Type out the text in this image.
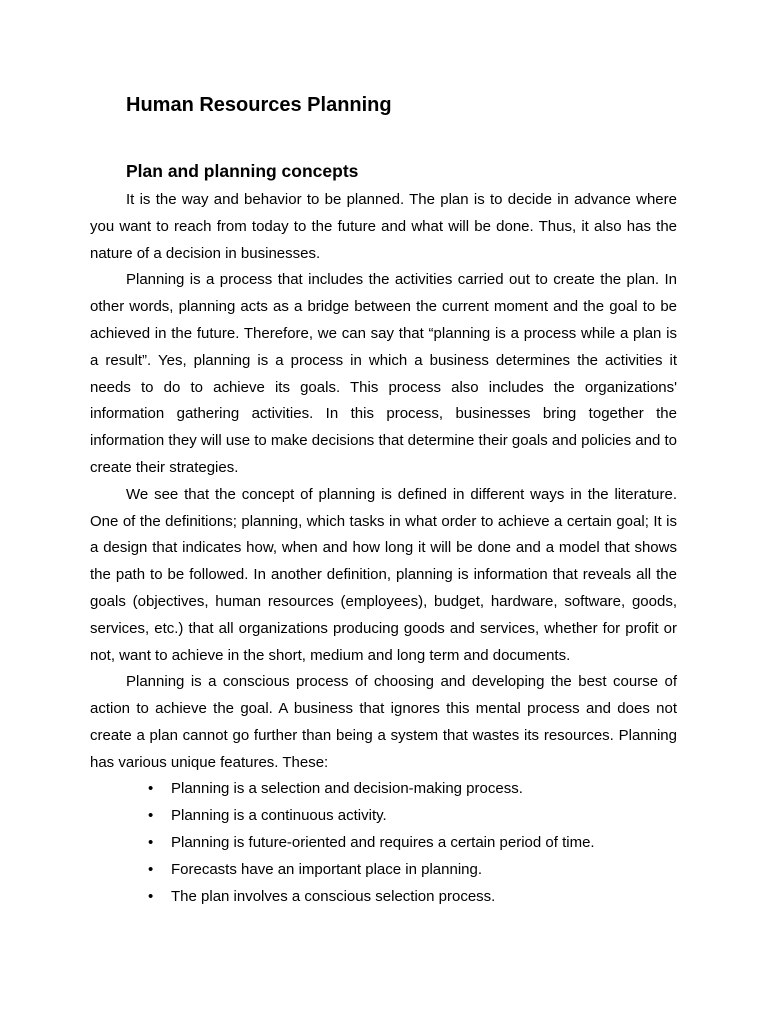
Human Resources Planning
Plan and planning concepts

It is the way and behavior to be planned. The plan is to decide in advance where you want to reach from today to the future and what will be done. Thus, it also has the nature of a decision in businesses.

Planning is a process that includes the activities carried out to create the plan. In other words, planning acts as a bridge between the current moment and the goal to be achieved in the future. Therefore, we can say that “planning is a process while a plan is a result”. Yes, planning is a process in which a business determines the activities it needs to do to achieve its goals. This process also includes the organizations' information gathering activities. In this process, businesses bring together the information they will use to make decisions that determine their goals and policies and to create their strategies.

We see that the concept of planning is defined in different ways in the literature. One of the definitions; planning, which tasks in what order to achieve a certain goal; It is a design that indicates how, when and how long it will be done and a model that shows the path to be followed. In another definition, planning is information that reveals all the goals (objectives, human resources (employees), budget, hardware, software, goods, services, etc.) that all organizations producing goods and services, whether for profit or not, want to achieve in the short, medium and long term and documents.

Planning is a conscious process of choosing and developing the best course of action to achieve the goal. A business that ignores this mental process and does not create a plan cannot go further than being a system that wastes its resources. Planning has various unique features. These:

• Planning is a selection and decision-making process.
• Planning is a continuous activity.
• Planning is future-oriented and requires a certain period of time.
• Forecasts have an important place in planning.
• The plan involves a conscious selection process.
